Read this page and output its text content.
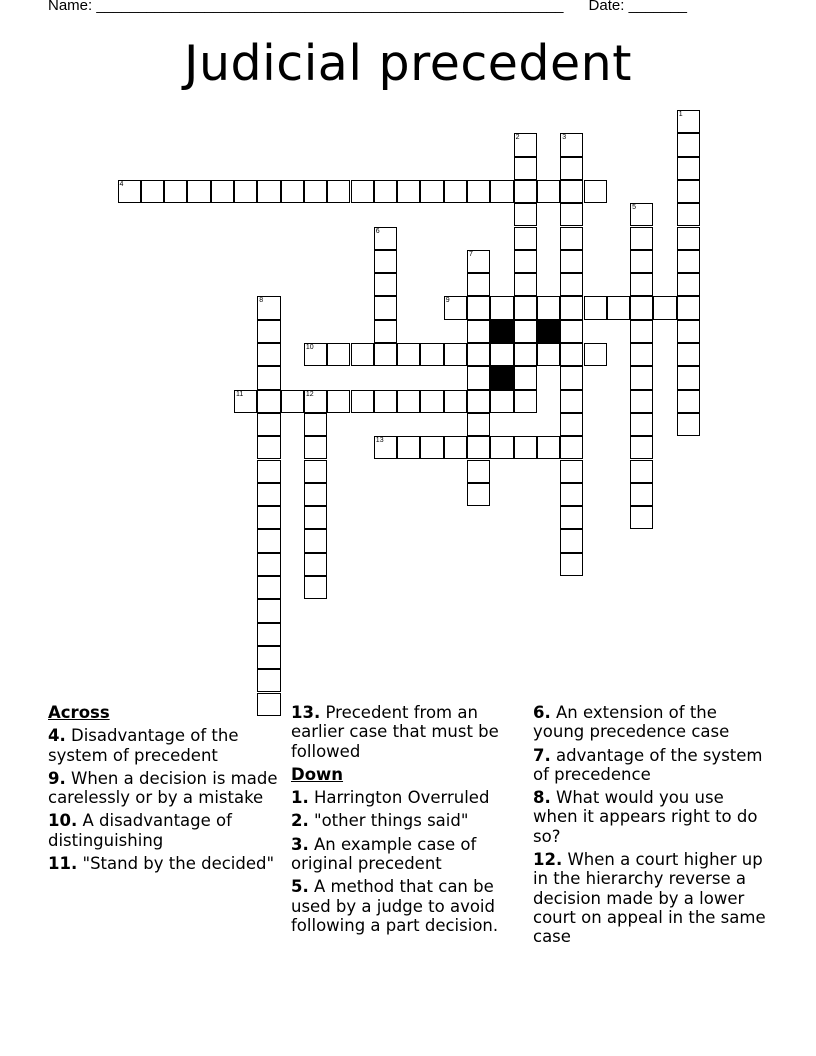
Name: ________________________________________________________ Date: _______
Judicial precedent
4
9
10
11	12
13
1
2	3
5
6
7
8
Across
4. Disadvantage of the system of precedent
9. When a decision is made carelessly or by a mistake
10. A disadvantage of distinguishing
11. "Stand by the decided"
13. Precedent from an earlier case that must be followed
Down
1. Harrington Overruled
2. "other things said"
3. An example case of original precedent
5. A method that can be used by a judge to avoid following a part decision.
6. An extension of the young precedence case
7. advantage of the system of precedence
8. What would you use when it appears right to do so?
12. When a court higher up in the hierarchy reverse a decision made by a lower court on appeal in the same case
